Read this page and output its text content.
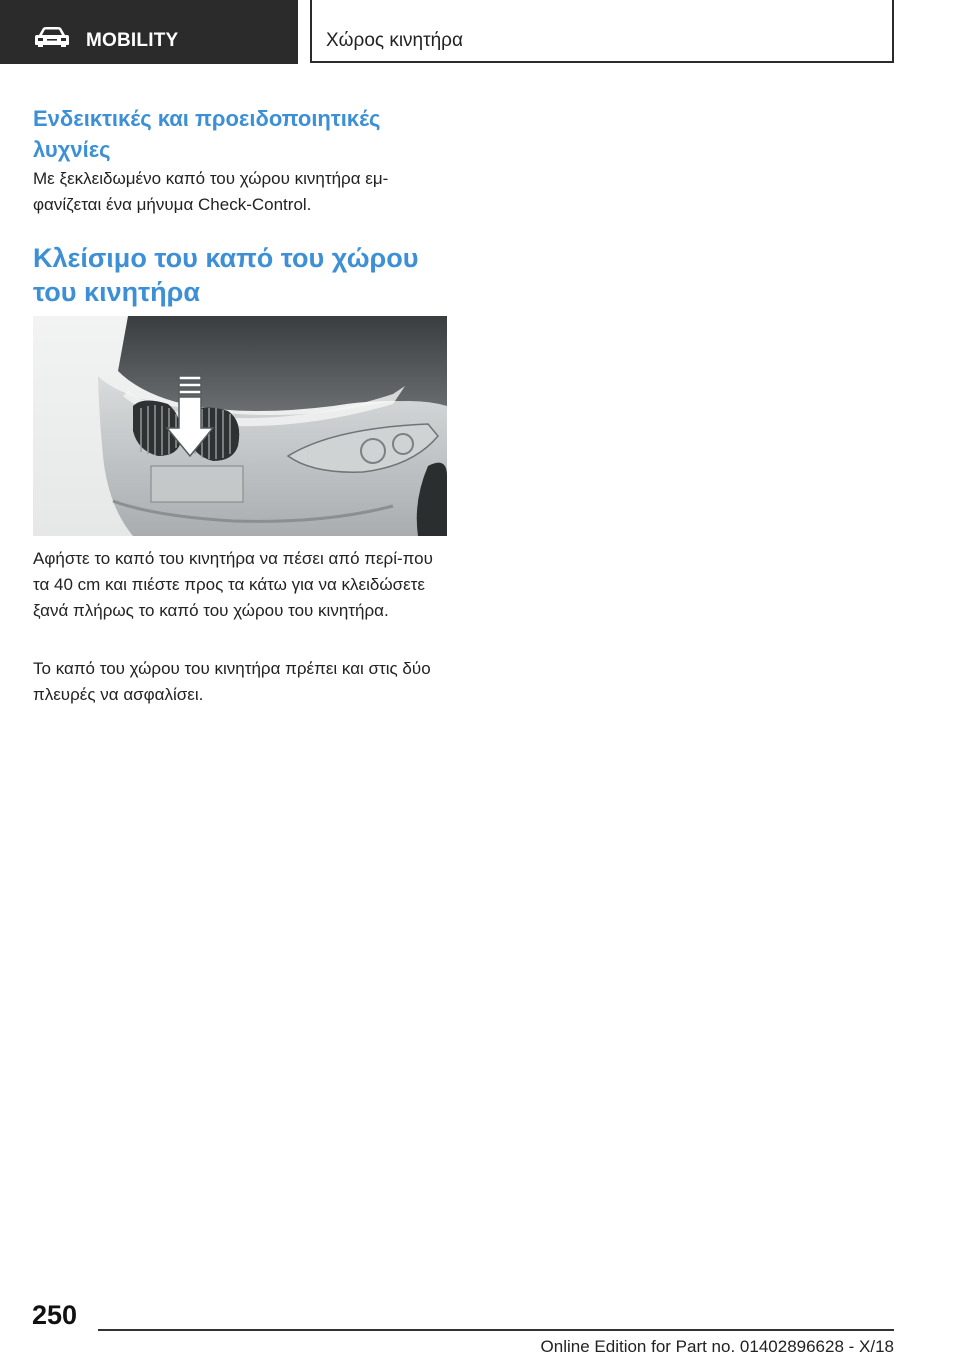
MOBILITY	Χώρος κινητήρα
Ενδεικτικές και προειδοποιητικές λυχνίες
Με ξεκλειδωμένο καπό του χώρου κινητήρα εμ-φανίζεται ένα μήνυμα Check-Control.
Κλείσιμο του καπό του χώρου του κινητήρα
Αφήστε το καπό του κινητήρα να πέσει από περί-που τα 40 cm και πιέστε προς τα κάτω για να κλειδώσετε ξανά πλήρως το καπό του χώρου του κινητήρα.
Το καπό του χώρου του κινητήρα πρέπει και στις δύο πλευρές να ασφαλίσει.
250
Online Edition for Part no. 01402896628 - X/18
